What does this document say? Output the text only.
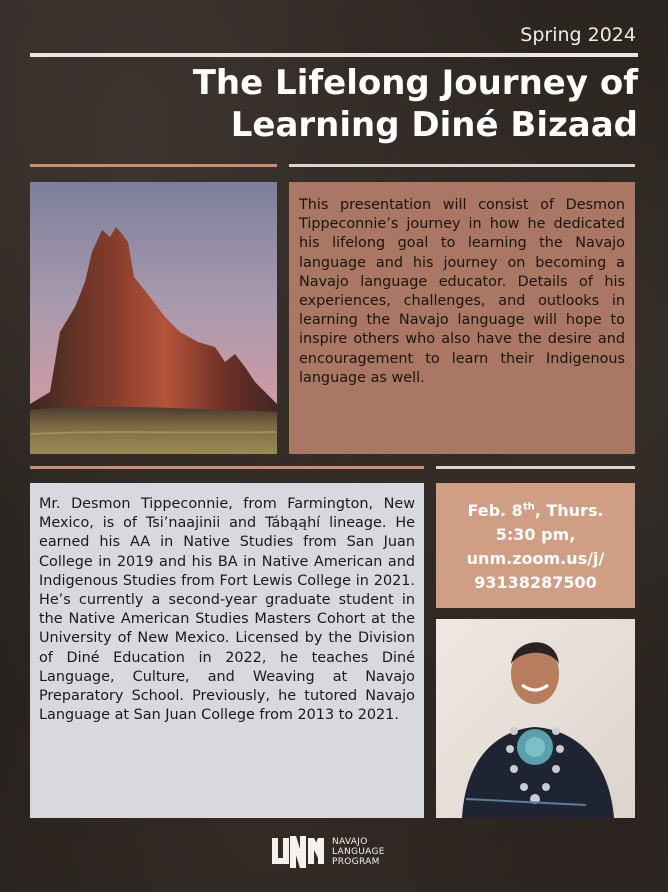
Spring 2024

The Lifelong Journey of
Learning Diné Bizaad
This presentation will consist of Desmon Tippeconnie’s journey in how he dedicated his lifelong goal to learning the Navajo language and his journey on becoming a Navajo language educator. Details of his experiences, challenges, and outlooks in learning the Navajo language will hope to inspire others who also have the desire and encouragement to learn their Indigenous language as well.
Mr. Desmon Tippeconnie, from Farmington, New Mexico, is of Tsi’naajinii and Tábąąhí lineage. He earned his AA in Native Studies from San Juan College in 2019 and his BA in Native American and Indigenous Studies from Fort Lewis College in 2021. He’s currently a second-year graduate student in the Native American Studies Masters Cohort at the University of New Mexico. Licensed by the Division of Diné Education in 2022, he teaches Diné Language, Culture, and Weaving at Navajo Preparatory School. Previously, he tutored Navajo Language at San Juan College from 2013 to 2021.
Feb. 8th, Thurs.
5:30 pm,
unm.zoom.us/j/
93138287500
NAVAJO
LANGUAGE
PROGRAM
